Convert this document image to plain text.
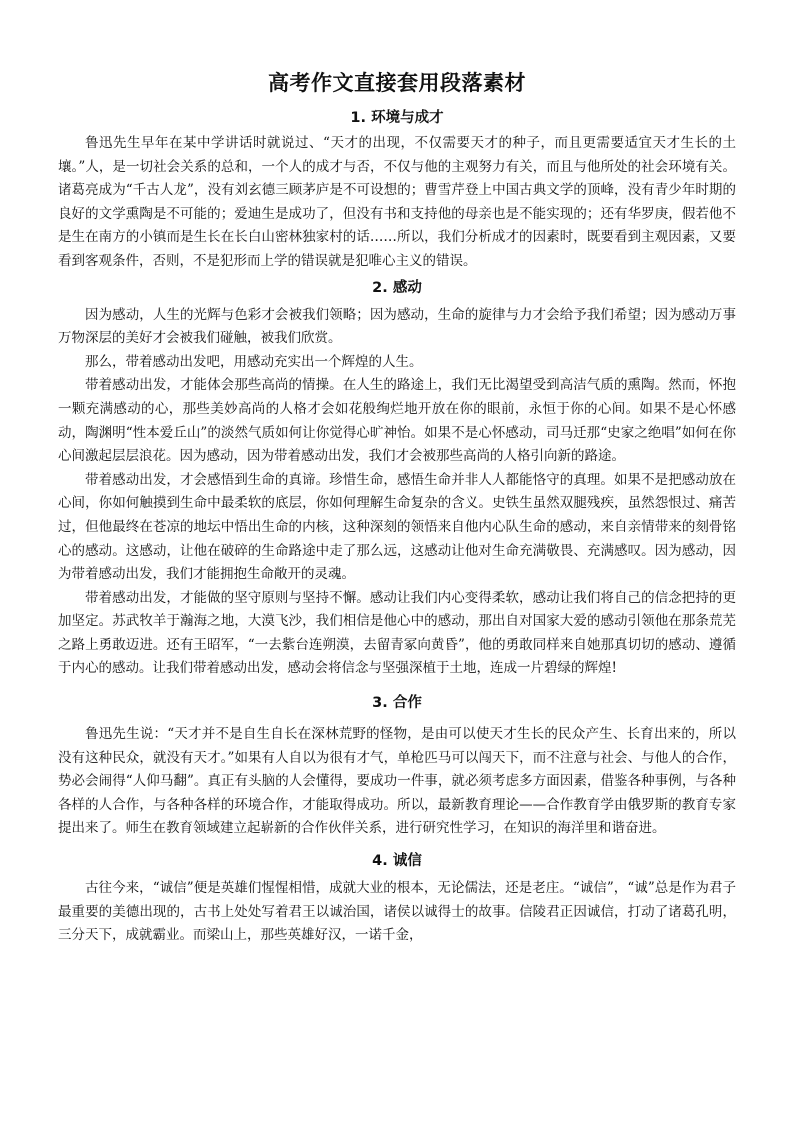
高考作文直接套用段落素材
1. 环境与成才

鲁迅先生早年在某中学讲话时就说过、“天才的出现，不仅需要天才的种子，而且更需要适宜天才生长的土壤。”人，是一切社会关系的总和，一个人的成才与否，不仅与他的主观努力有关，而且与他所处的社会环境有关。诸葛亮成为“千古人龙”，没有刘玄德三顾茅庐是不可设想的；曹雪芹登上中国古典文学的顶峰，没有青少年时期的良好的文学熏陶是不可能的；爱迪生是成功了，但没有书和支持他的母亲也是不能实现的；还有华罗庚，假若他不是生在南方的小镇而是生长在长白山密林独家村的话……所以，我们分析成才的因素时，既要看到主观因素，又要看到客观条件，否则，不是犯形而上学的错误就是犯唯心主义的错误。

2. 感动

因为感动，人生的光辉与色彩才会被我们领略；因为感动，生命的旋律与力才会给予我们希望；因为感动万事万物深层的美好才会被我们碰触，被我们欣赏。

那么，带着感动出发吧，用感动充实出一个辉煌的人生。

带着感动出发，才能体会那些高尚的情操。在人生的路途上，我们无比渴望受到高洁气质的熏陶。然而，怀抱一颗充满感动的心，那些美妙高尚的人格才会如花般绚烂地开放在你的眼前，永恒于你的心间。如果不是心怀感动，陶渊明“性本爱丘山”的淡然气质如何让你觉得心旷神怡。如果不是心怀感动，司马迁那“史家之绝唱”如何在你心间激起层层浪花。因为感动，因为带着感动出发，我们才会被那些高尚的人格引向新的路途。

带着感动出发，才会感悟到生命的真谛。珍惜生命，感悟生命并非人人都能恪守的真理。如果不是把感动放在心间，你如何触摸到生命中最柔软的底层，你如何理解生命复杂的含义。史铁生虽然双腿残疾，虽然怨恨过、痛苦过，但他最终在苍凉的地坛中悟出生命的内核，这种深刻的领悟来自他内心队生命的感动，来自亲情带来的刻骨铭心的感动。这感动，让他在破碎的生命路途中走了那么远，这感动让他对生命充满敬畏、充满感叹。因为感动，因为带着感动出发，我们才能拥抱生命敞开的灵魂。

带着感动出发，才能做的坚守原则与坚持不懈。感动让我们内心变得柔软，感动让我们将自己的信念把持的更加坚定。苏武牧羊于瀚海之地，大漠飞沙，我们相信是他心中的感动，那出自对国家大爱的感动引领他在那条荒芜之路上勇敢迈进。还有王昭军，“一去紫台连朔漠，去留青冢向黄昏”，他的勇敢同样来自她那真切切的感动、遵循于内心的感动。让我们带着感动出发，感动会将信念与坚强深植于土地，连成一片碧绿的辉煌!

3. 合作

鲁迅先生说：“天才并不是自生自长在深林荒野的怪物，是由可以使天才生长的民众产生、长育出来的，所以没有这种民众，就没有天才。”如果有人自以为很有才气，单枪匹马可以闯天下，而不注意与社会、与他人的合作，势必会闹得“人仰马翻”。真正有头脑的人会懂得，要成功一件事，就必须考虑多方面因素，借鉴各种事例，与各种各样的人合作，与各种各样的环境合作，才能取得成功。所以，最新教育理论——合作教育学由俄罗斯的教育专家提出来了。师生在教育领域建立起崭新的合作伙伴关系，进行研究性学习，在知识的海洋里和谐奋进。

4. 诚信

古往今来，“诚信”便是英雄们惺惺相惜，成就大业的根本，无论儒法，还是老庄。“诚信”，“诚”总是作为君子最重要的美德出现的，古书上处处写着君王以诚治国，诸侯以诚得士的故事。信陵君正因诚信，打动了诸葛孔明，三分天下，成就霸业。而梁山上，那些英雄好汉，一诺千金，
